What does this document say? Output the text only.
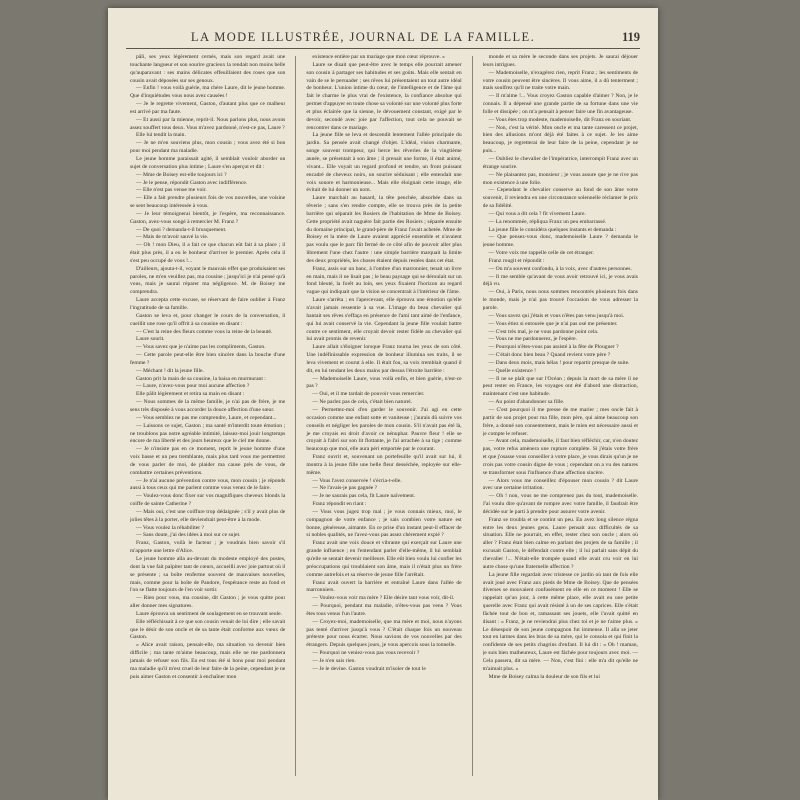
LA MODE ILLUSTRÉE, JOURNAL DE LA FAMILLE.	119

pâli, ses yeux légèrement cernés, mais son regard avait une touchante langueur et son sourire gracieux la rendait non moins belle qu'auparavant : ses mains délicates effeuillaient des roses que son cousin avait déposées sur ses genoux.

— Enfin ! vous voilà guérie, ma chère Laure, dit le jeune homme. Que d'inquiétudes vous nous avez causées !

— Je le regrette vivement, Gaston, d'autant plus que ce malheur est arrivé par ma faute.

— Et aussi par la mienne, reprit-il. Nous parlons plus, nous avons assez souffert tous deux. Vous m'avez pardonné, n'est-ce pas, Laure ?

Elle lui tendit la main.

— Je ne m'en souviens plus, mon cousin ; vous avez été si bon pour moi pendant ma maladie.

Le jeune homme paraissait agité, il semblait vouloir aborder un sujet de conversation plus intime ; Laure s'en aperçut et dit :

— Mme de Boisey est-elle toujours ici ?

— Je le pense, répondit Gaston avec indifférence.

— Elle n'est pas venue me voir.

— Elle a fait prendre plusieurs fois de vos nouvelles, une voisine se sent beaucoup intéressée à vous.

— Je leur témoignerai bientôt, je l'espère, ma reconnaissance. Gaston, avez-vous songé à remercier M. Franz ?

— De quoi ? demanda-t-il brusquement.

— Mais de m'avoir sauvé la vie.

— Oh ! mon Dieu, il a fait ce que chacun eût fait à sa place ; il était plus près, il a eu le bonheur d'arriver le premier. Après cela il s'est peu occupé de vous !...

D'ailleurs, ajouta-t-il, voyant le mauvais effet que produisaient ses paroles, ne m'en veuillez pas, ma cousine ; jusqu'ici je n'ai pensé qu'à vous, mais je saurai réparer ma négligence. M. de Boisey me comprendra.

Laure accepta cette excuse, se réservant de faire oublier à Franz l'ingratitude de sa famille.

Gaston se leva et, pour changer le cours de la conversation, il cueillit une rose qu'il offrit à sa cousine en disant :

— C'est la reine des fleurs comme vous la reine de la beauté.

Laure sourit.

— Vous savez que je n'aime pas les compliments, Gaston.

— Cette parole peut-elle être bien sincère dans la bouche d'une femme ?

— Méchant ! dit la jeune fille.

Gaston prit la main de sa cousine, la baisa en murmurant :

— Laure, n'avez-vous pour moi aucune affection ?

Elle pâlit légèrement et retira sa main en disant :

— Nous sommes de la même famille, je n'ai pas de frère, je me sens très disposée à vous accorder la douce affection d'une sœur.

— Vous semblez ne pas me comprendre, Laure, et cependant...

— Laissons ce sujet, Gaston ; ma santé m'interdit toute émotion ; ne troublons pas notre agréable intimité, laissez-moi jouir longtemps encore de ma liberté et des jours heureux que le ciel me donne.

— Je n'insiste pas en ce moment, reprit le jeune homme d'une voix basse et un peu tremblante, mais plus tard vous me permettrez de vous parler de moi, de plaider ma cause près de vous, de combattre certaines préventions.

— Je n'ai aucune prévention contre vous, mon cousin ; je réponds aussi à tous ceux qui me parlent comme vous venez de le faire.

— Voulez-vous donc fixer sur vos magnifiques cheveux blonds la coiffe de sainte Catherine ?

— Mais oui, c'est une coiffure trop dédaignée ; s'il y avait plus de jolies têtes à la porter, elle deviendrait peut-être à la mode.

— Vous voulez la réhabiliter ?

— Sans doute, j'ai des idées à moi sur ce sujet.

Franz, Gaston, voilà le facteur ; je voudrais bien savoir s'il m'apporte une lettre d'Alice.

Le jeune homme alla au-devant du modeste employé des postes, dont la vue fait palpiter tant de cœurs, accueilli avec joie partout où il se présente ; sa boîte renferme souvent de mauvaises nouvelles, mais, comme pour la boîte de Pandore, l'espérance reste au fond et l'on se flatte toujours de l'en voir sortir.

— Rien pour vous, ma cousine, dit Gaston ; je vous quitte pour aller donner mes signatures.

Laure éprouva un sentiment de soulagement en se trouvant seule.

Elle réfléchissait à ce que son cousin venait de lui dire ; elle savait que le désir de son oncle et de sa tante était conforme aux vœux de Gaston.

« Alice avait raison, pensait-elle, ma situation va devenir bien difficile ; ma tante m'aime beaucoup, mais elle ne me pardonnera jamais de refuser son fils. En est tous été si bons pour moi pendant ma maladie qu'il m'est cruel de leur faire de la peine, cependant je ne puis aimer Gaston et consentir à enchaîner mon

existence entière par un mariage que mon cœur réprouve. »

Laure se disait que peut-être avec le temps elle pourrait amener son cousin à partager ses habitudes et ses goûts. Mais elle sentait en vain de se le persuader ; ses rêves lui présentaient un tout autre idéal de bonheur. L'union intime du cœur, de l'intelligence et de l'âme qui fait le charme le plus vrai de l'existence, la confiance absolue qui permet d'appuyer en toute chose sa volonté sur une volonté plus forte et plus éclairée que la sienne, le dévouement constant, exigé par le devoir, secondé avec joie par l'affection, tout cela ne pouvait se rencontrer dans ce mariage.

La jeune fille se leva et descendit lentement l'allée principale du jardin. Sa pensée avait changé d'objet. L'idéal, vision charmante, songe souvent trompeur, qui berce les rêveries de la vingtième année, se présentait à son âme ; il prenait une forme, il était animé, vivant... Elle voyait un regard profond et tendre, un front puissant encadré de cheveux noirs, un sourire séduisant ; elle entendait une voix sonore et harmonieuse... Mais elle éloignait cette image, elle évitait de lui donner un nom.

Laure marchait au hasard, la tête penchée, absorbée dans sa rêverie ; sans s'en rendre compte, elle se trouva près de la petite barrière qui séparait les Rosiers de l'habitation de Mme de Boisey. Cette propriété avait naguère fait partie des Rosiers ; séparée ensuite du domaine principal, le grand-père de Franz l'avait achetée. Mme de Boisey et la mère de Laure avaient apprécié ensemble et n'avaient pas voulu que le parc fût fermé de ce côté afin de pouvoir aller plus librement l'une chez l'autre : une simple barrière marquait la limite des deux propriétés, les choses étaient depuis restées dans cet état.

Franz, assis sur un banc, à l'ombre d'un marronnier, tenait un livre en main, mais il ne lisait pas ; le beau paysage qui se déroulait sur un fond bleuté, la forêt au loin, ses yeux fixaient l'horizon au regard vague qui indiquait que la vision se concentrait à l'intérieur de l'âme.

Laure s'arrêta ; en l'apercevant, elle éprouva une émotion qu'elle n'avait jamais ressentie à sa vue. L'image du beau chevalier qui hantait ses rêves s'effaça en présence de l'ami tant aimé de l'enfance, qui lui avait conservé la vie. Cependant la jeune fille voulait battre contre ce sentiment, elle croyait devoir rester fidèle au chevalier qui lui avait promis de revenir.

Laure allait s'éloigner lorsque Franz tourna les yeux de son côté. Une indéfinissable expression de bonheur illumina ses traits, il se leva vivement et courut à elle. Il était fou, sa voix tremblait quand il dit, en lui tendant les deux mains par dessus l'étroite barrière :

— Mademoiselle Laure, vous voilà enfin, et bien guérie, n'est-ce pas ?

— Oui, et il me tardait de pouvoir vous remercier.

— Ne parlez pas de cela, c'était bien naturel.

— Permettez-moi d'en garder le souvenir. J'ai agi en cette occasion comme une enfant sotte et vaniteuse ; j'aurais dû suivre vos conseils et négliger les paroles de mon cousin. S'il n'avait pas été là, je me croyais en droit d'avoir ce nénuphar. Pauvre fleur ! elle se croyait à l'abri sur son lit flottante, je l'ai arrachée à sa tige ; comme beaucoup que moi, elle aura péri emportée par le courant.

Franz ouvrit et, souvenant un portefeuille qu'il avait sur lui, il montra à la jeune fille une belle fleur desséchée, reployée sur elle-même.

— Vous l'avez conservée ! s'écria-t-elle.

— Ne l'avais-je pas gagnée ?

— Je ne saurais pas cela, fit Laure naïvement.

Franz répondit en riant :

— Vous vous jugez trop mal ; je vous connais mieux, moi, le compagnon de votre enfance ; je sais combien votre nature est bonne, généreuse, aimante. En ce prise d'un instant peut-il effacer de si nobles qualités, ne l'avez-vous pas assez chèrement expié ?

Franz avait une voix douce et vibrante qui exerçait sur Laure une grande influence ; en l'entendant parler d'elle-même, il lui semblait qu'elle se sentait devenir meilleure. Elle eût bien voulu lui confier les préoccupations qui troublaient son âme, mais il n'était plus un frère comme autrefois et sa réserve de jeune fille l'arrêtait.

Franz avait ouvert la barrière et entraîné Laure dans l'allée de marronniers.

— Voulez-vous voir ma mère ? Elle désire tant vous voir, dit-il.

— Pourquoi, pendant ma maladie, n'êtes-vous pas venu ? Vous êtes tous venus l'un l'autre.

— Croyez-moi, mademoiselle, que ma mère et moi, nous n'ayons pas tenté d'arriver jusqu'à vous ? C'était chaque fois un nouveau prétexte pour nous écarter. Nous savions de vos nouvelles par des étrangers. Depuis quelques jours, je vous apercois sous la tonnelle.

— Pourquoi ne veniez-vous pas vous recevoir ?

— Je n'en sais rien.

— Je le devine. Gaston voudrait m'isoler de tout le

monde et sa mère le seconde dans ses projets. Je saurai déjouer leurs intrigues.

— Mademoiselle, n'exagérez rien, reprit Franz ; les sentiments de votre cousin peuvent être sincères. Il vous aime, il a dû tenterment ; mais soulfrez qu'il ne traite votre main.

— Il m'aime !... Vous croyez Gaston capable d'aimer ? Non, je le connais. Il a dépensé une grande partie de sa fortune dans une vie folle et dissipée ; on m'a pensait à penser faire une fin avantageuse.

— Vous êtes trop modeste, mademoiselle, dit Franz en souriant.

— Non, c'est la vérité. Mon oncle et ma tante caressent ce projet, bien des allusions m'ont déjà été faites à ce sujet. Je les aime beaucoup, je regretterai de leur faire de la peine, cependant je ne puis...

— Oubliez le chevalier de l'impératrice, interrompit Franz avec un étrange sourire.

— Ne plaisantez pas, monsieur ; je vous assure que je ne rive pas mon existence à une folie.

— Cependant le chevalier conserve au fond de son âme votre souvenir, il reviendra en une circonstance solennelle réclamer le prix de sa fidélité.

— Qui vous a dit cela ? fit vivement Laure.

— La renommée, répliqua Franz un peu embarrassé.

La jeune fille le considéra quelques instants et demanda :

— Que pensez-vous donc, mademoiselle Laure ? demanda le jeune homme.

— Votre voix me rappelle celle de cet étranger.

Franz rougit et répondit :

— On m'a souvent confondu, à la voix, avec d'autres personnes.

— Il me semble qu'avant de vous avoir retrouvé ici, je vous avais déjà vu.

— Oui, à Paris, nous nous sommes rencontrés plusieurs fois dans le monde, mais je n'ai pas trouvé l'occasion de vous adresser la parole.

— Vous savez qui j'étais et vous n'êtes pas venu jusqu'à moi.

— Vous étiez si entourée que je n'ai pas osé me présenter.

— C'est très mal, je ne vous pardonne point cela.

— Vous ne me pardonnerez, je l'espère.

— Pourquoi n'êtes-vous pas assisté à la fête de Plouguer ?

— C'était donc bien beau ? Quand revient votre père ?

— Dans deux mois, mais hélas ! pour repartir presque de suite.

— Quelle existence !

— Il ne se plaît que sur l'Océan ; depuis la mort de sa mère il ne peut rester en France, les voyages ont été d'abord une distraction, maintenant c'est une habitude.

— Au point d'abandonner sa fille.

— C'est pourquoi il me presse de me marier ; mes oncle fait à partir de son projet pour ma fille, mon père, qui aime beaucoup son frère, a donné son consentement, mais le mien est nécessaire aussi et je compte le refuser.

— Avant cela, mademoiselle, il faut bien réfléchir, car, n'en doutez pas, votre refus amènera une rupture complète. Si j'étais votre frère et que j'osasse vous conseiller à votre place, je vous dirais qu'un je ne crois pas votre cousin digne de vous ; cependant on a vu des natures se transformer sous l'influence d'une affection sincère.

— Alors vous me conseillez d'épouser mon cousin ? dit Laure avec une certaine irritation.

— Oh ! non, vous ne me comprenez pas du tout, mademoiselle. J'ai voulu dire qu'avant de rompre avec votre famille, il faudrait être décidée sur le parti à prendre pour assurer votre avenir.

Franz se troubla et se contint un peu. En avez long silence régna entre les deux jeunes gens. Laure pensait aux difficultés de sa situation. Elle ne pourrait, en effet, rester chez son oncle ; alors où aller ? Franz était bien calme en parlant des projets de sa famille ; il excusait Gaston, le défendait contre elle ; il lui parlait sans dépit du chevalier !... N'était-elle trompée quand elle avait cru voir en lui autre chose qu'une fraternelle affection ?

La jeune fille regardait avec tristesse ce jardin où tant de fois elle avait joué avec Franz aux pieds de Mme de Boisey. Que de pensées diverses se mouvaient confusément en elle en ce moment ! Elle se rappelait qu'un jour, à cette même place, elle avait eu une petite querelle avec Franz qui avait résisté à un de ses caprices. Elle s'était fâchée tout de bon et, ramassant ses jouets, elle l'avait quitté en disant : « Franz, je ne reviendrai plus chez toi et je ne t'aime plus. » Le désespoir de son jeune compagnon fut immense. Il alla se jeter tout en larmes dans les bras de sa mère, qui le consola et qui finit la confidente de ses petits chagrins d'enfant. Il lui dit : « Oh ! maman, je suis bien malheureux, Laure est fâchée pour toujours avec moi. — Cela passera, dit sa mère. — Non, c'est fini : elle m'a dit qu'elle ne m'aimait plus. »

Mme de Boisey calma la douleur de son fils et lui
